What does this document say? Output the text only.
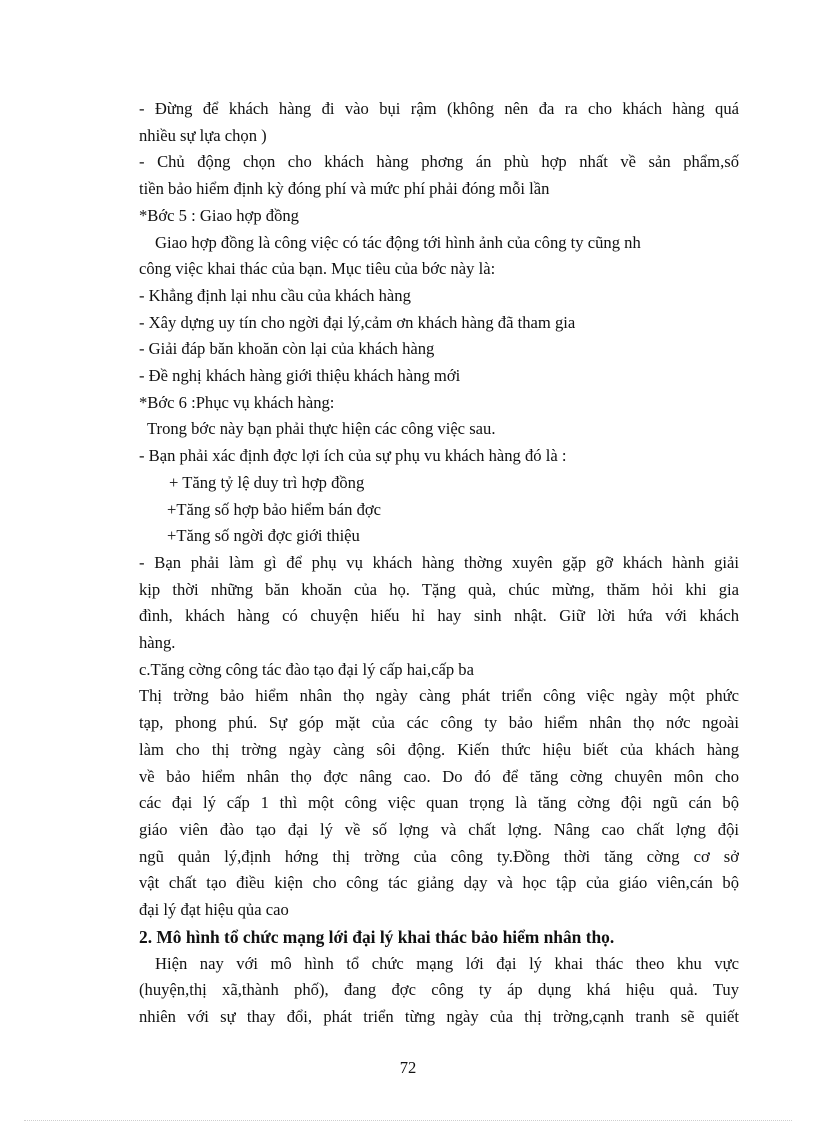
- Đừng để khách hàng đi vào bụi rậm (không nên đa ra cho khách hàng quá
nhiều sự lựa chọn )
- Chủ động chọn cho khách hàng phơng án phù hợp nhất về sản phẩm,số
tiền bảo hiểm định kỳ đóng phí và mức phí phải đóng mỗi lần
*Bớc 5 : Giao hợp đồng
Giao hợp đồng là công việc có tác động tới hình ảnh của công ty cũng nh
công việc khai thác của bạn. Mục tiêu của bớc này là:
- Khẳng định lại nhu cầu của khách hàng
- Xây dựng uy tín cho ngời đại lý,cảm ơn khách hàng đã tham gia
- Giải đáp băn khoăn còn lại của khách hàng
- Đề nghị khách hàng giới thiệu khách hàng mới
*Bớc 6 :Phục vụ khách hàng:
Trong bớc này bạn phải thực hiện các công việc sau.
- Bạn phải xác định đợc lợi ích của sự phụ vu khách hàng đó là :
+ Tăng tỷ lệ duy trì hợp đồng
+Tăng số hợp bảo hiểm bán đợc
+Tăng số ngời đợc giới thiệu
- Bạn phải làm gì để phụ vụ khách hàng thờng xuyên gặp gỡ khách hành giải
kịp thời những băn khoăn của họ. Tặng quà, chúc mừng, thăm hỏi khi gia
đình, khách hàng có chuyện hiếu hỉ hay sinh nhật. Giữ lời hứa với khách
hàng.
c.Tăng cờng công tác đào tạo đại lý cấp hai,cấp ba
Thị trờng bảo hiểm nhân thọ ngày càng phát triển công việc ngày một phức
tạp, phong phú. Sự góp mặt của các công ty bảo hiểm nhân thọ nớc ngoài
làm cho thị trờng ngày càng sôi động. Kiến thức hiệu biết của khách hàng
về bảo hiểm nhân thọ đợc nâng cao. Do đó để tăng cờng chuyên môn cho
các đại lý cấp 1 thì một công việc quan trọng là tăng cờng đội ngũ cán bộ
giáo viên đào tạo đại lý về số lợng và chất lợng. Nâng cao chất lợng đội
ngũ quản lý,định hớng thị trờng của công ty.Đồng thời tăng cờng cơ sở
vật chất tạo điều kiện cho công tác giảng dạy và học tập của giáo viên,cán bộ
đại lý đạt hiệu qủa cao
2. Mô hình tổ chức mạng lới đại lý khai thác bảo hiểm nhân thọ.
Hiện nay với mô hình tổ chức mạng lới đại lý khai thác theo khu vực
(huyện,thị xã,thành phố), đang đợc công ty áp dụng khá hiệu quả. Tuy
nhiên với sự thay đổi, phát triển từng ngày của thị trờng,cạnh tranh sẽ quiết
72
